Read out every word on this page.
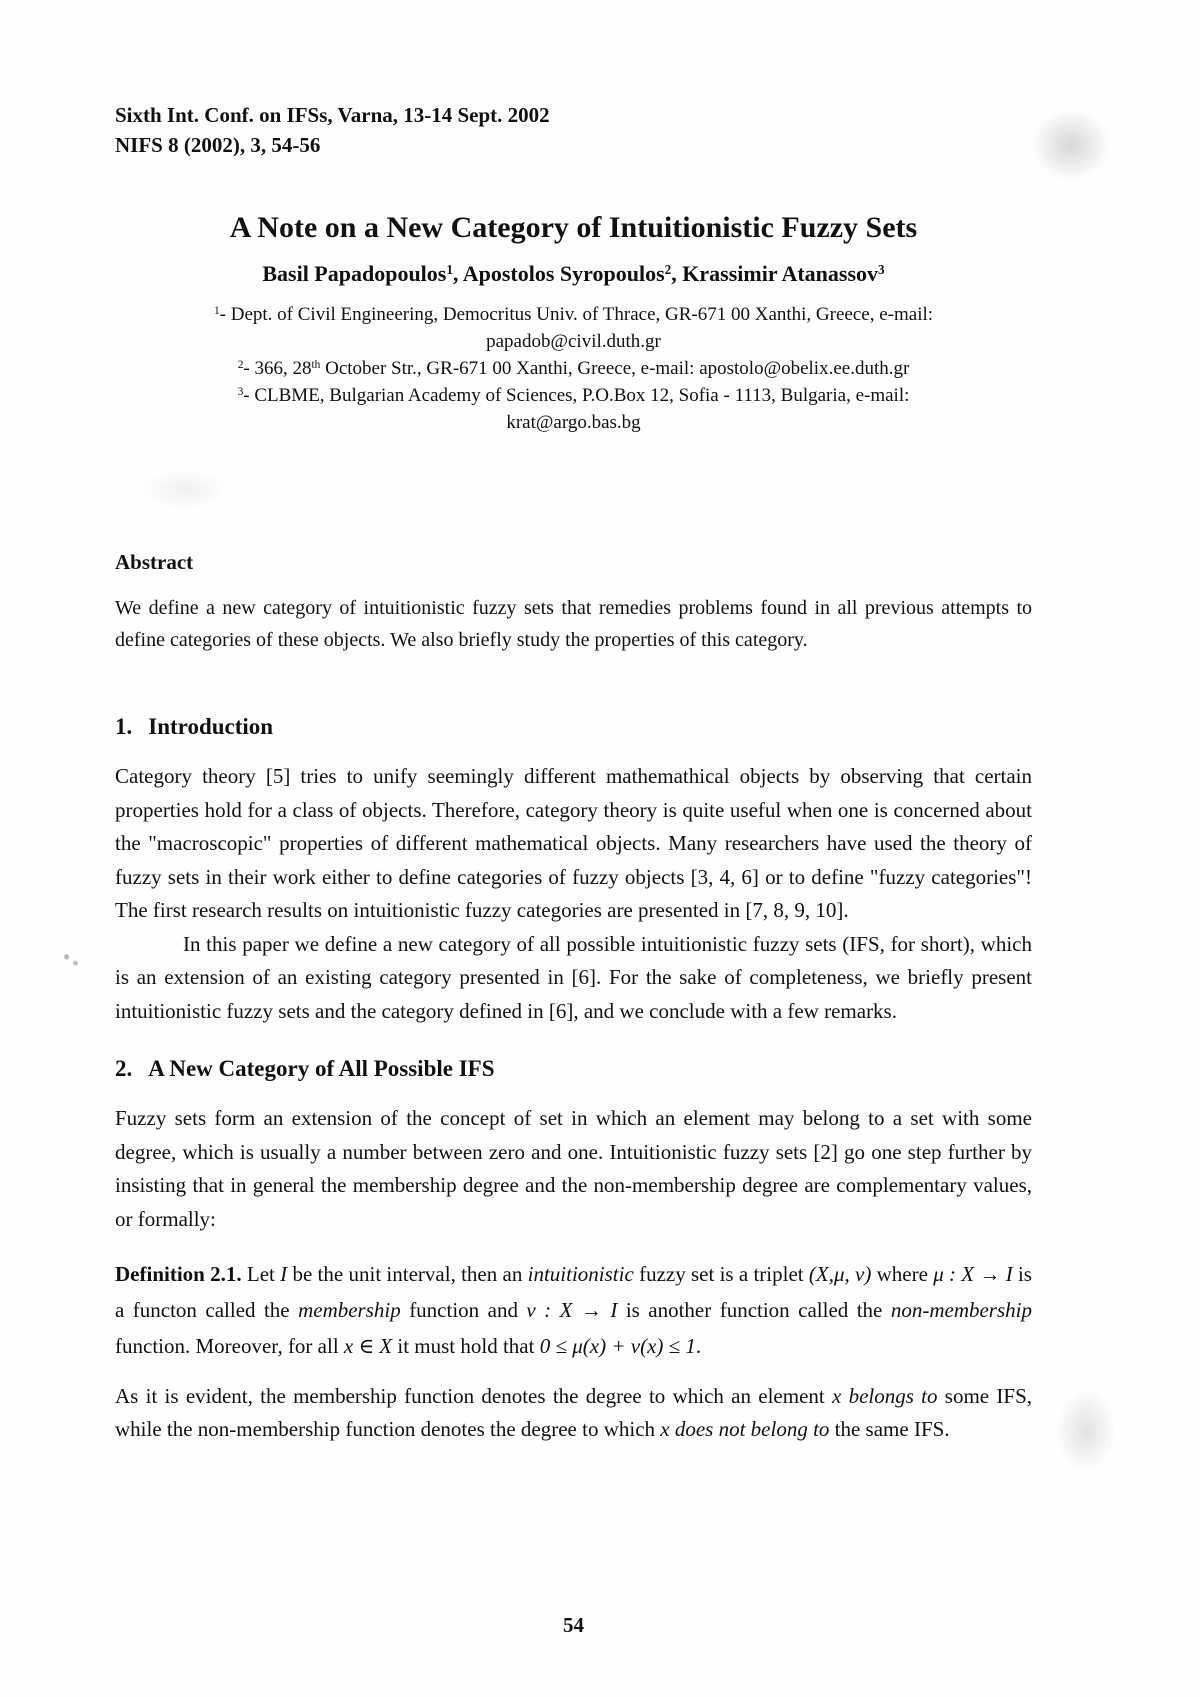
Sixth Int. Conf. on IFSs, Varna, 13-14 Sept. 2002
NIFS 8 (2002), 3, 54-56
A Note on a New Category of Intuitionistic Fuzzy Sets
Basil Papadopoulos$^1$, Apostolos Syropoulos$^2$, Krassimir Atanassov$^3$
$^1$- Dept. of Civil Engineering, Democritus Univ. of Thrace, GR-671 00 Xanthi, Greece, e-mail:
papadob@civil.duth.gr
$^2$- 366, 28th October Str., GR-671 00 Xanthi, Greece, e-mail: apostolo@obelix.ee.duth.gr
$^3$- CLBME, Bulgarian Academy of Sciences, P.O.Box 12, Sofia - 1113, Bulgaria, e-mail:
krat@argo.bas.bg
Abstract

We define a new category of intuitionistic fuzzy sets that remedies problems found in all previous attempts to define categories of these objects. We also briefly study the properties of this category.

1. Introduction

Category theory [5] tries to unify seemingly different mathemathical objects by observing that certain properties hold for a class of objects. Therefore, category theory is quite useful when one is concerned about the "macroscopic" properties of different mathematical objects. Many researchers have used the theory of fuzzy sets in their work either to define categories of fuzzy objects [3, 4, 6] or to define "fuzzy categories"! The first research results on intuitionistic fuzzy categories are presented in [7, 8, 9, 10].

In this paper we define a new category of all possible intuitionistic fuzzy sets (IFS, for short), which is an extension of an existing category presented in [6]. For the sake of completeness, we briefly present intuitionistic fuzzy sets and the category defined in [6], and we conclude with a few remarks.

2. A New Category of All Possible IFS

Fuzzy sets form an extension of the concept of set in which an element may belong to a set with some degree, which is usually a number between zero and one. Intuitionistic fuzzy sets [2] go one step further by insisting that in general the membership degree and the non-membership degree are complementary values, or formally:

Definition 2.1. Let I be the unit interval, then an intuitionistic fuzzy set is a triplet (X,μ, ν) where μ : X → I is a functon called the membership function and ν : X → I is another function called the non-membership function. Moreover, for all x ∈ X it must hold that 0 ≤ μ(x) + ν(x) ≤ 1.

As it is evident, the membership function denotes the degree to which an element x belongs to some IFS, while the non-membership function denotes the degree to which x does not belong to the same IFS.

54
